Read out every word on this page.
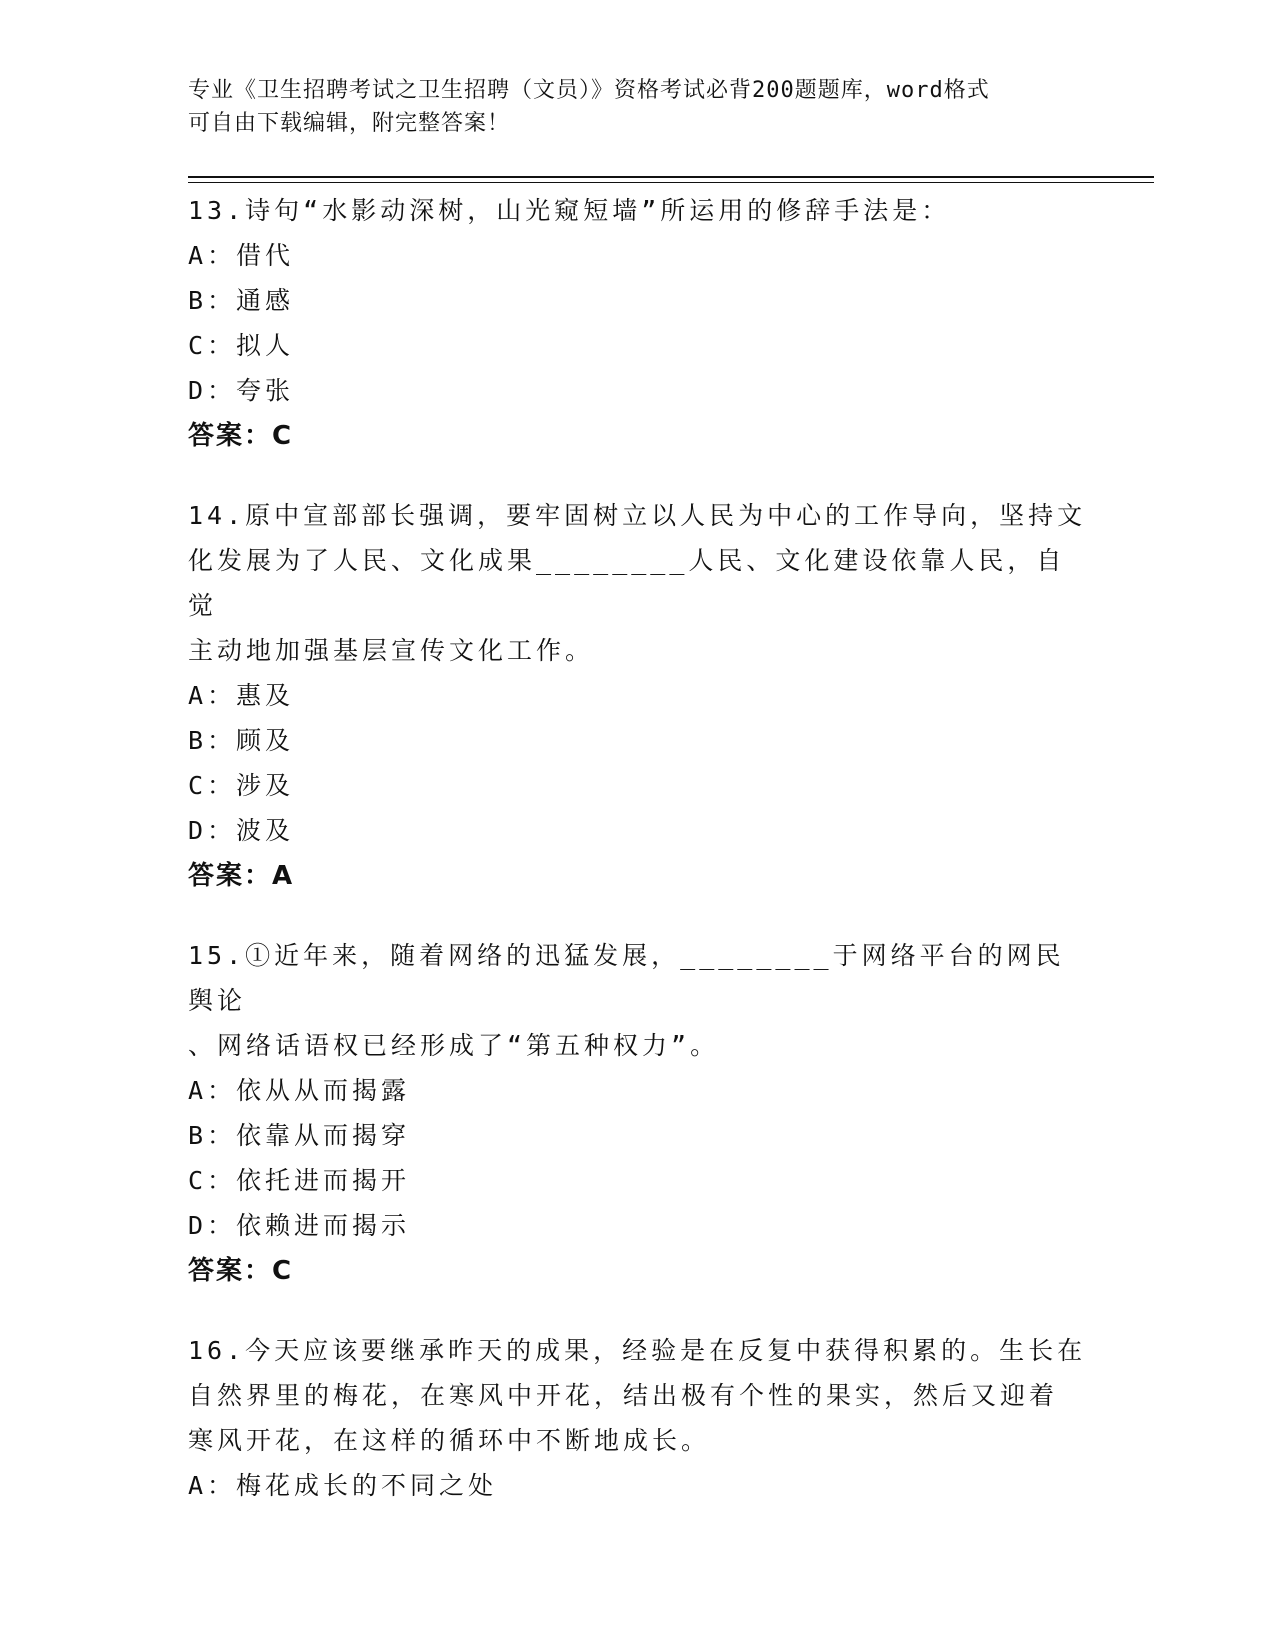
专业《卫生招聘考试之卫生招聘（文员）》资格考试必背200题题库，word格式
可自由下载编辑，附完整答案！
13.诗句“水影动深树，山光窥短墙”所运用的修辞手法是：
A：借代
B：通感
C：拟人
D：夸张
答案：C
14.原中宣部部长强调，要牢固树立以人民为中心的工作导向，坚持文
化发展为了人民、文化成果________人民、文化建设依靠人民，自觉
主动地加强基层宣传文化工作。
A：惠及
B：顾及
C：涉及
D：波及
答案：A
15.①近年来，随着网络的迅猛发展，________于网络平台的网民舆论
、网络话语权已经形成了“第五种权力”。
A：依从从而揭露
B：依靠从而揭穿
C：依托进而揭开
D：依赖进而揭示
答案：C
16.今天应该要继承昨天的成果，经验是在反复中获得积累的。生长在
自然界里的梅花，在寒风中开花，结出极有个性的果实，然后又迎着
寒风开花，在这样的循环中不断地成长。
A：梅花成长的不同之处
